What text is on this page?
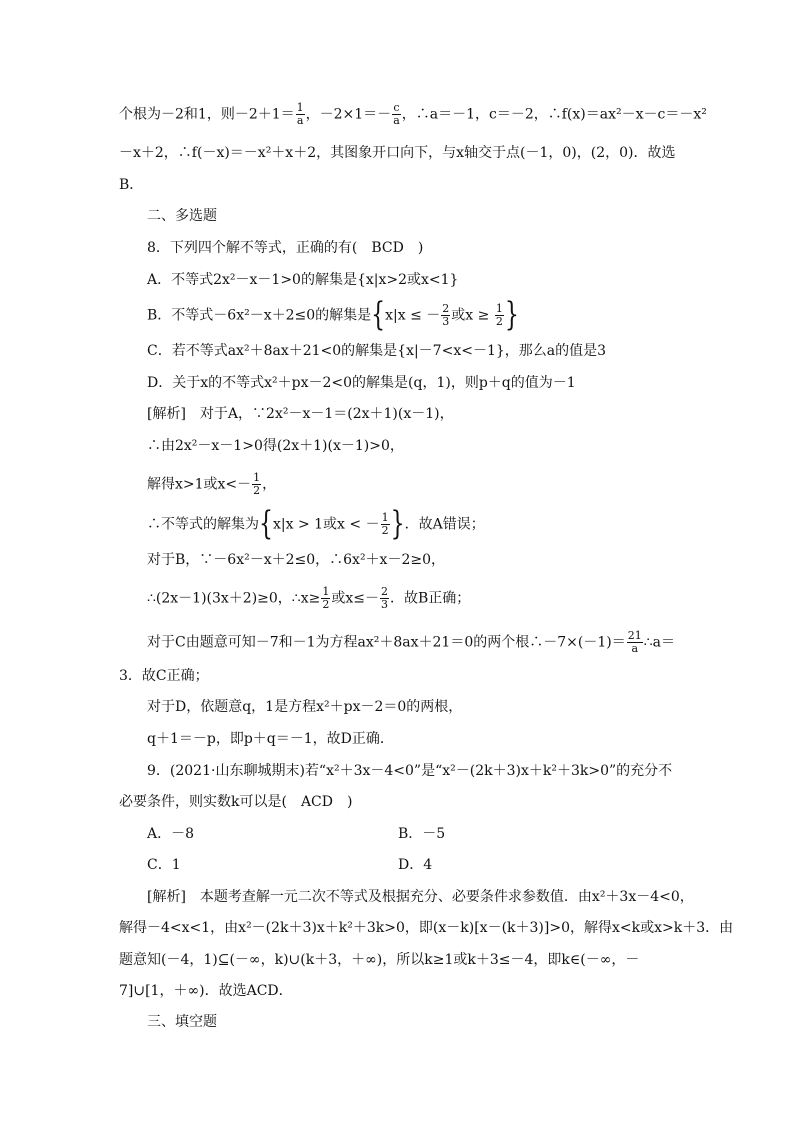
个根为－2和1，则$-2+1= \frac{1}{a}$ ，$-2\times 1=- \frac{c}{a}$ ，∴a＝－1，c＝－2，∴f(x)＝ax²－x－c＝－x²
－x＋2，∴f(－x)＝－x²＋x＋2，其图象开口向下，与x轴交于点(－1，0)，(2，0)．故选
B．
二、多选题
8．下列四个解不等式，正确的有(　BCD　)
A．不等式2x²－x－1>0的解集是{x|x>2或x<1}
B．不等式－6x²－x＋2≤0的解集是{x|x ≤ － $\frac{2}{3}$ 或$x \ge \frac{1}{2}$ }
C．若不等式ax²＋8ax＋21<0的解集是{x|－7<x<－1}，那么a的值是3
D．关于x的不等式x²＋px－2<0的解集是(q，1)，则p＋q的值为－1
[解析]　对于A，∵2x²－x－1＝(2x＋1)(x－1)，
∴由2x²－x－1>0得(2x＋1)(x－1)>0，
解得x>1或$x<- \frac{1}{2}$ ，
∴不等式的解集为{x|x > 1或x < － $\frac{1}{2}$ }．故A错误；
对于B，∵－6x²－x＋2≤0，∴6x²＋x－2≥0，
∴(2x－1)(3x＋2)≥0，∴x≥ $\frac{1}{2}$ 或$x\le- \frac{2}{3}$ ．故B正确；
对于C由题意可知－7和－1为方程ax²＋8ax＋21＝0的两个根∴－7×(－1)＝ $\frac{21}{a}$ ∴a＝
3．故C正确；
对于D，依题意q，1是方程x²＋px－2＝0的两根，
q＋1＝－p，即p＋q＝－1，故D正确．
9．(2021·山东聊城期末)若“x²＋3x－4<0”是“x²－(2k＋3)x＋k²＋3k>0”的充分不
必要条件，则实数k可以是(　ACD　)
A．－8	B．－5
C．1	D．4
[解析]　本题考查解一元二次不等式及根据充分、必要条件求参数值．由x²＋3x－4<0，
解得－4<x<1，由x²－(2k＋3)x＋k²＋3k>0，即(x－k)[x－(k＋3)]>0，解得x<k或x>k＋3．由
题意知(－4，1)⊆(－∞，k)∪(k＋3，＋∞)，所以k≥1或k＋3≤－4，即k∈(－∞，－
7]∪[1，＋∞)．故选ACD．
三、填空题
